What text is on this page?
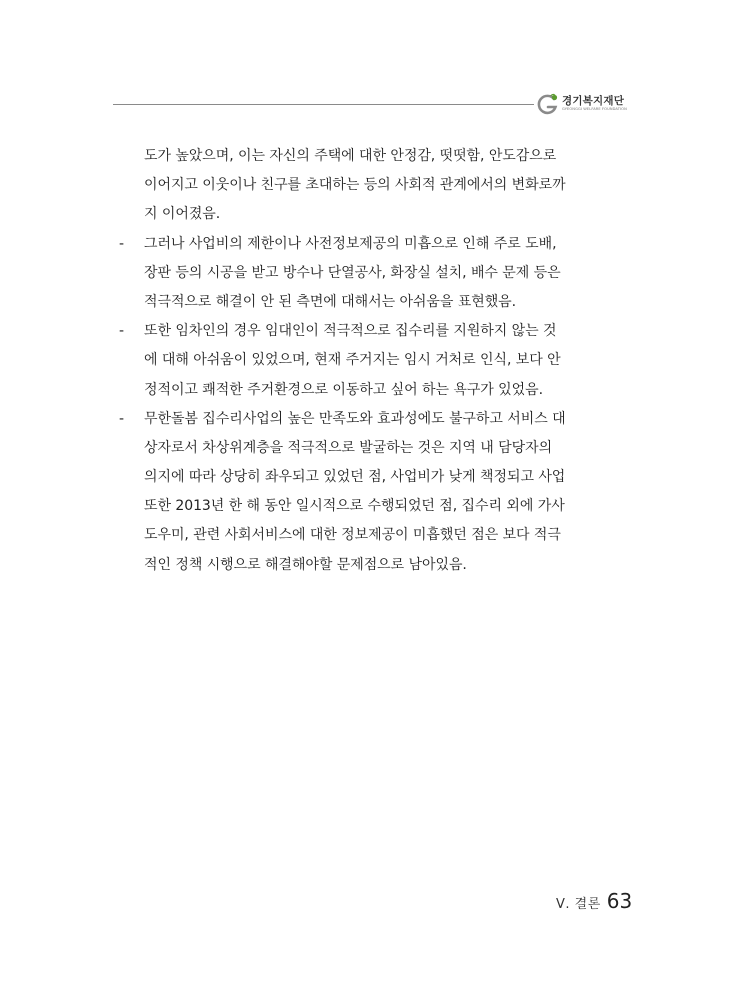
경기복지재단
GYEONGGI WELFARE FOUNDATION
도가 높았으며, 이는 자신의 주택에 대한 안정감, 떳떳함, 안도감으로
이어지고 이웃이나 친구를 초대하는 등의 사회적 관계에서의 변화로까
지 이어졌음.
- 그러나 사업비의 제한이나 사전정보제공의 미흡으로 인해 주로 도배,
장판 등의 시공을 받고 방수나 단열공사, 화장실 설치, 배수 문제 등은
적극적으로 해결이 안 된 측면에 대해서는 아쉬움을 표현했음.
- 또한 임차인의 경우 임대인이 적극적으로 집수리를 지원하지 않는 것
에 대해 아쉬움이 있었으며, 현재 주거지는 임시 거처로 인식, 보다 안
정적이고 쾌적한 주거환경으로 이동하고 싶어 하는 욕구가 있었음.
- 무한돌봄 집수리사업의 높은 만족도와 효과성에도 불구하고 서비스 대
상자로서 차상위계층을 적극적으로 발굴하는 것은 지역 내 담당자의
의지에 따라 상당히 좌우되고 있었던 점, 사업비가 낮게 책정되고 사업
또한 2013년 한 해 동안 일시적으로 수행되었던 점, 집수리 외에 가사
도우미, 관련 사회서비스에 대한 정보제공이 미흡했던 점은 보다 적극
적인 정책 시행으로 해결해야할 문제점으로 남아있음.
Ⅴ. 결론 63
